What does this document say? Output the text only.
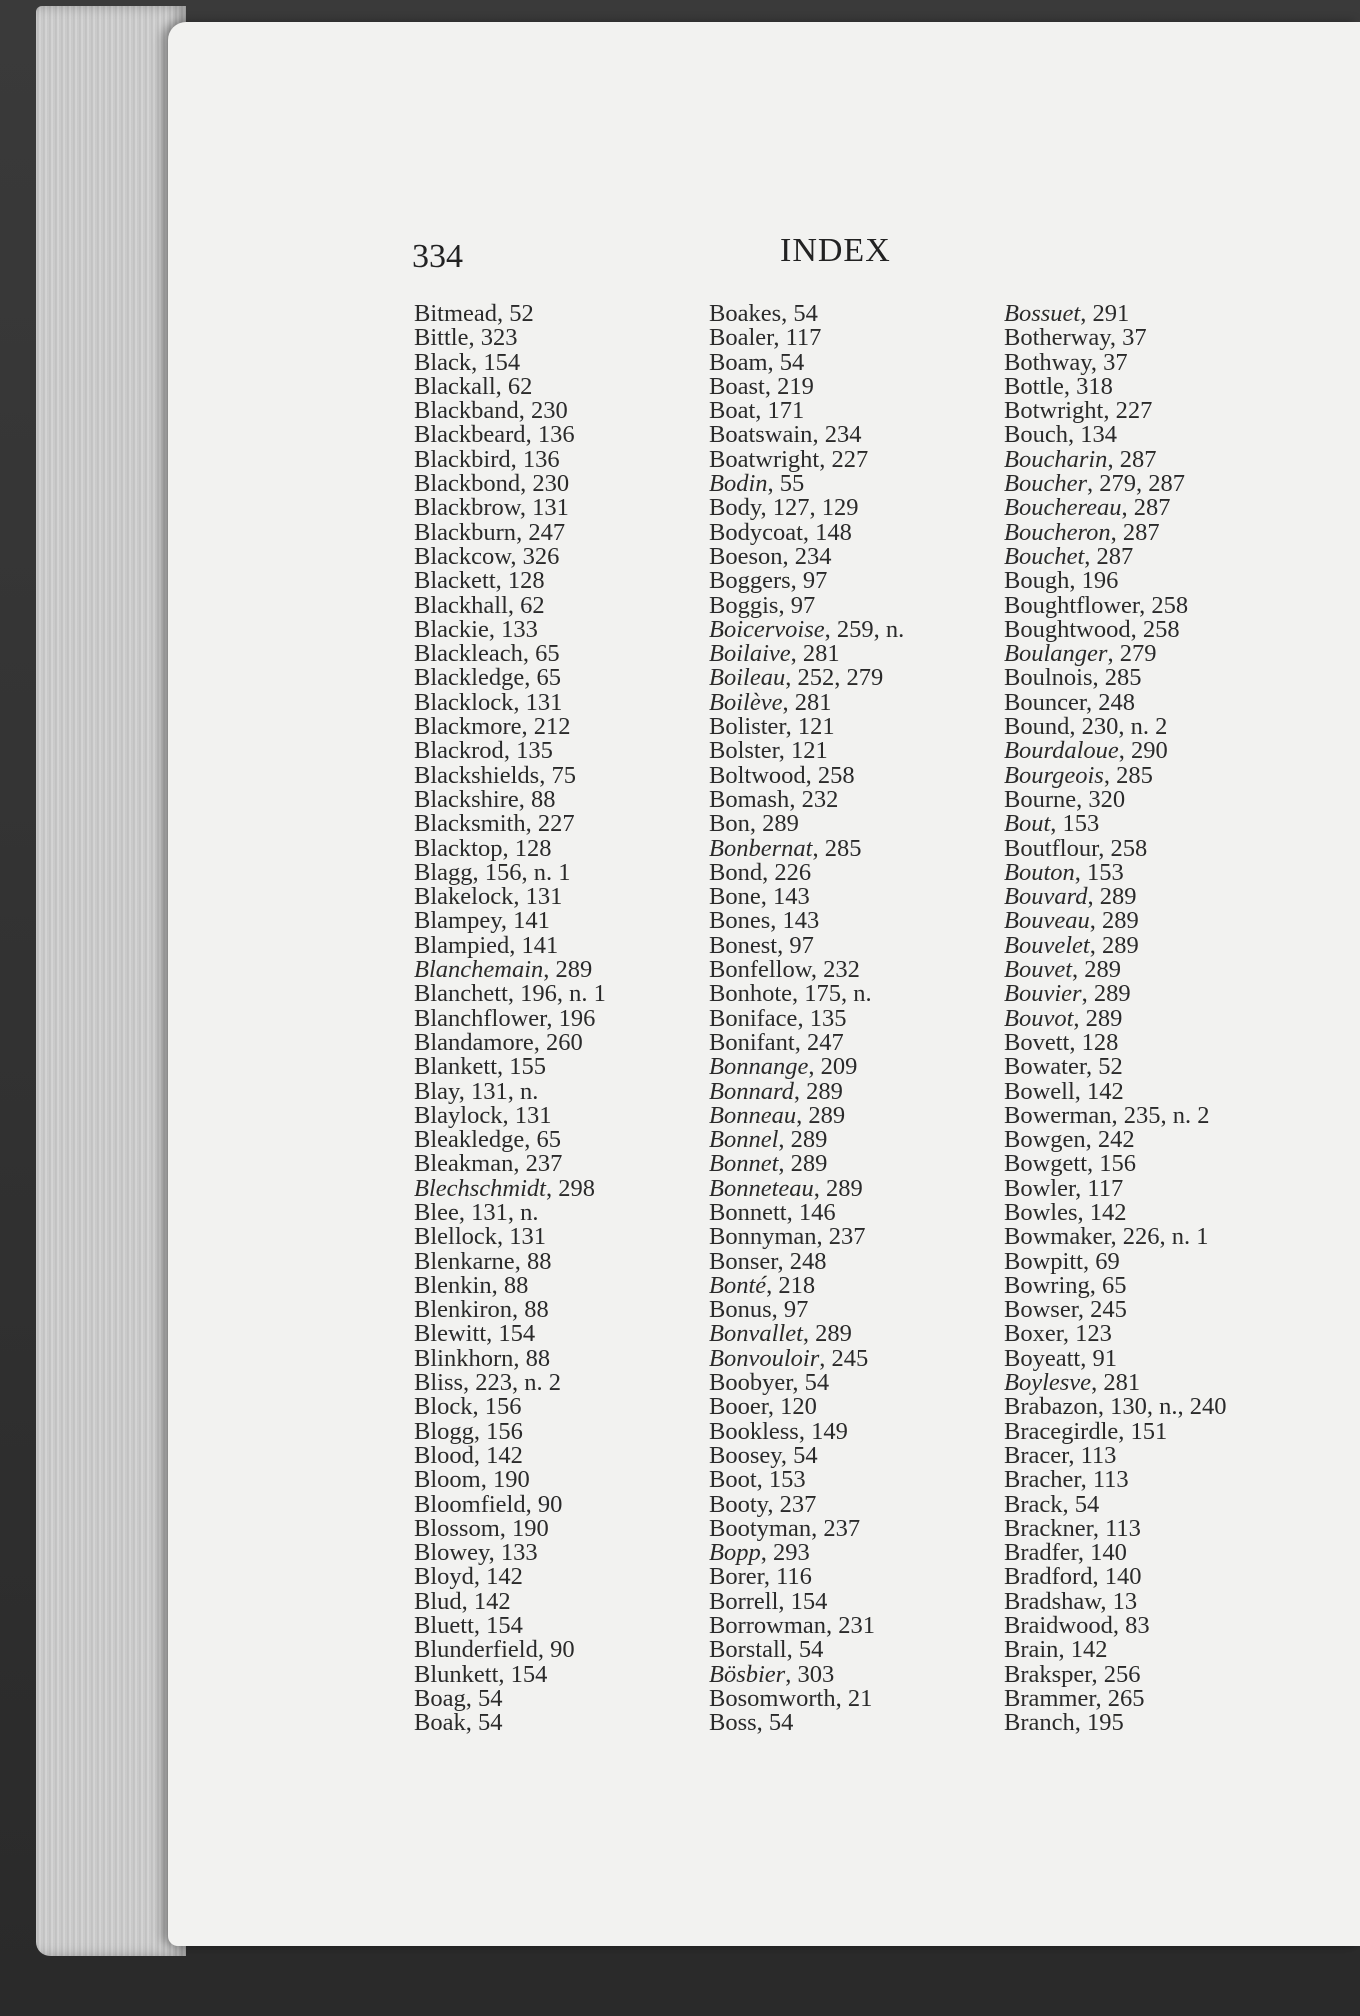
334	INDEX
Bitmead, 52
Bittle, 323
Black, 154
Blackall, 62
Blackband, 230
Blackbeard, 136
Blackbird, 136
Blackbond, 230
Blackbrow, 131
Blackburn, 247
Blackcow, 326
Blackett, 128
Blackhall, 62
Blackie, 133
Blackleach, 65
Blackledge, 65
Blacklock, 131
Blackmore, 212
Blackrod, 135
Blackshields, 75
Blackshire, 88
Blacksmith, 227
Blacktop, 128
Blagg, 156, n. 1
Blakelock, 131
Blampey, 141
Blampied, 141
Blanchemain, 289
Blanchett, 196, n. 1
Blanchflower, 196
Blandamore, 260
Blankett, 155
Blay, 131, n.
Blaylock, 131
Bleakledge, 65
Bleakman, 237
Blechschmidt, 298
Blee, 131, n.
Blellock, 131
Blenkarne, 88
Blenkin, 88
Blenkiron, 88
Blewitt, 154
Blinkhorn, 88
Bliss, 223, n. 2
Block, 156
Blogg, 156
Blood, 142
Bloom, 190
Bloomfield, 90
Blossom, 190
Blowey, 133
Bloyd, 142
Blud, 142
Bluett, 154
Blunderfield, 90
Blunkett, 154
Boag, 54
Boak, 54
Boakes, 54
Boaler, 117
Boam, 54
Boast, 219
Boat, 171
Boatswain, 234
Boatwright, 227
Bodin, 55
Body, 127, 129
Bodycoat, 148
Boeson, 234
Boggers, 97
Boggis, 97
Boicervoise, 259, n.
Boilaive, 281
Boileau, 252, 279
Boilève, 281
Bolister, 121
Bolster, 121
Boltwood, 258
Bomash, 232
Bon, 289
Bonbernat, 285
Bond, 226
Bone, 143
Bones, 143
Bonest, 97
Bonfellow, 232
Bonhote, 175, n.
Boniface, 135
Bonifant, 247
Bonnange, 209
Bonnard, 289
Bonneau, 289
Bonnel, 289
Bonnet, 289
Bonneteau, 289
Bonnett, 146
Bonnyman, 237
Bonser, 248
Bonté, 218
Bonus, 97
Bonvallet, 289
Bonvouloir, 245
Boobyer, 54
Booer, 120
Bookless, 149
Boosey, 54
Boot, 153
Booty, 237
Bootyman, 237
Bopp, 293
Borer, 116
Borrell, 154
Borrowman, 231
Borstall, 54
Bösbier, 303
Bosomworth, 21
Boss, 54
Bossuet, 291
Botherway, 37
Bothway, 37
Bottle, 318
Botwright, 227
Bouch, 134
Boucharin, 287
Boucher, 279, 287
Bouchereau, 287
Boucheron, 287
Bouchet, 287
Bough, 196
Boughtflower, 258
Boughtwood, 258
Boulanger, 279
Boulnois, 285
Bouncer, 248
Bound, 230, n. 2
Bourdaloue, 290
Bourgeois, 285
Bourne, 320
Bout, 153
Boutflour, 258
Bouton, 153
Bouvard, 289
Bouveau, 289
Bouvelet, 289
Bouvet, 289
Bouvier, 289
Bouvot, 289
Bovett, 128
Bowater, 52
Bowell, 142
Bowerman, 235, n. 2
Bowgen, 242
Bowgett, 156
Bowler, 117
Bowles, 142
Bowmaker, 226, n. 1
Bowpitt, 69
Bowring, 65
Bowser, 245
Boxer, 123
Boyeatt, 91
Boylesve, 281
Brabazon, 130, n., 240
Bracegirdle, 151
Bracer, 113
Bracher, 113
Brack, 54
Brackner, 113
Bradfer, 140
Bradford, 140
Bradshaw, 13
Braidwood, 83
Brain, 142
Braksper, 256
Brammer, 265
Branch, 195
